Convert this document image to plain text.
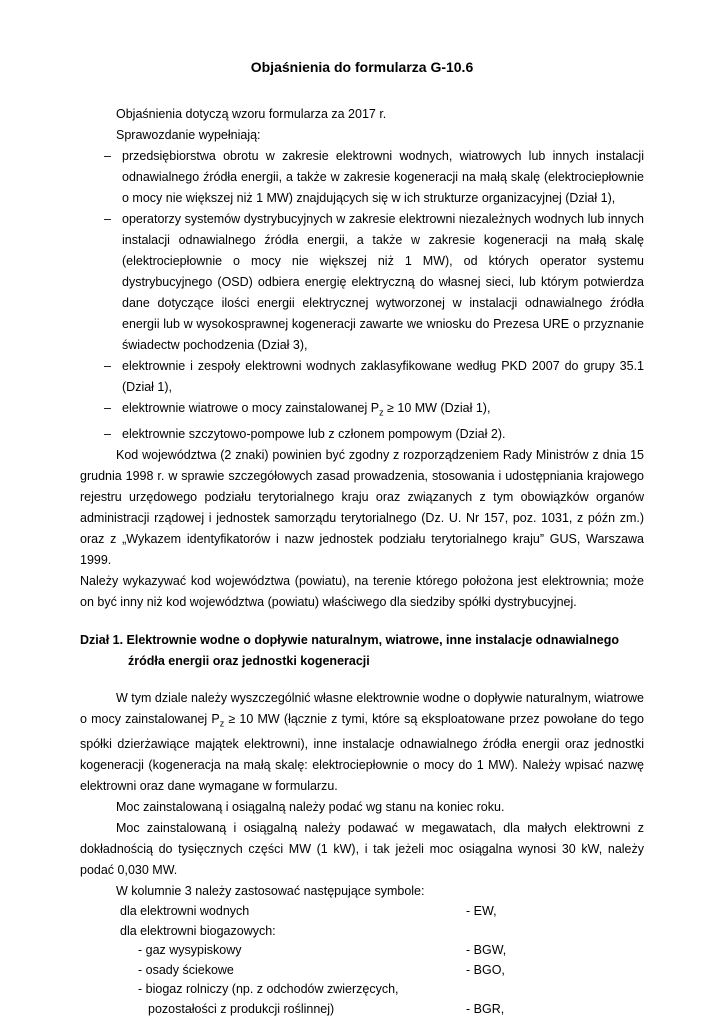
Objaśnienia do formularza G-10.6

Objaśnienia dotyczą wzoru formularza za 2017 r.

Sprawozdanie wypełniają:

– przedsiębiorstwa obrotu w zakresie elektrowni wodnych, wiatrowych lub innych instalacji odnawialnego źródła energii, a także w zakresie kogeneracji na małą skalę (elektrociepłownie o mocy nie większej niż 1 MW) znajdujących się w ich strukturze organizacyjnej (Dział 1),
– operatorzy systemów dystrybucyjnych w zakresie elektrowni niezależnych wodnych lub innych instalacji odnawialnego źródła energii, a także w zakresie kogeneracji na małą skalę (elektrociepłownie o mocy nie większej niż 1 MW), od których operator systemu dystrybucyjnego (OSD) odbiera energię elektryczną do własnej sieci, lub którym potwierdza dane dotyczące ilości energii elektrycznej wytworzonej w instalacji odnawialnego źródła energii lub w wysokosprawnej kogeneracji zawarte we wniosku do Prezesa URE o przyznanie świadectw pochodzenia (Dział 3),
– elektrownie i zespoły elektrowni wodnych zaklasyfikowane według PKD 2007 do grupy 35.1 (Dział 1),
– elektrownie wiatrowe o mocy zainstalowanej $P_z \ge 10$ MW (Dział 1),
– elektrownie szczytowo-pompowe lub z członem pompowym (Dział 2).

Kod województwa (2 znaki) powinien być zgodny z rozporządzeniem Rady Ministrów z dnia 15 grudnia 1998 r. w sprawie szczegółowych zasad prowadzenia, stosowania i udostępniania krajowego rejestru urzędowego podziału terytorialnego kraju oraz związanych z tym obowiązków organów administracji rządowej i jednostek samorządu terytorialnego (Dz. U. Nr 157, poz. 1031, z późn zm.) oraz z „Wykazem identyfikatorów i nazw jednostek podziału terytorialnego kraju” GUS, Warszawa 1999.

Należy wykazywać kod województwa (powiatu), na terenie którego położona jest elektrownia; może on być inny niż kod województwa (powiatu) właściwego dla siedziby spółki dystrybucyjnej.

Dział 1. Elektrownie wodne o dopływie naturalnym, wiatrowe, inne instalacje odnawialnego źródła energii oraz jednostki kogeneracji

W tym dziale należy wyszczególnić własne elektrownie wodne o dopływie naturalnym, wiatrowe o mocy zainstalowanej $P_z \ge 10$ MW (łącznie z tymi, które są eksploatowane przez powołane do tego spółki dzierżawiące majątek elektrowni), inne instalacje odnawialnego źródła energii oraz jednostki kogeneracji (kogeneracja na małą skalę: elektrociepłownie o mocy do 1 MW). Należy wpisać nazwę elektrowni oraz dane wymagane w formularzu.

Moc zainstalowaną i osiągalną należy podać wg stanu na koniec roku.

Moc zainstalowaną i osiągalną należy podawać w megawatach, dla małych elektrowni z dokładnością do tysięcznych części MW (1 kW), i tak jeżeli moc osiągalna wynosi 30 kW, należy podać 0,030 MW.

W kolumnie 3 należy zastosować następujące symbole:

dla elektrowni wodnych	- EW,
dla elektrowni biogazowych:
- gaz wysypiskowy	- BGW,
- osady ściekowe	- BGO,
- biogaz rolniczy (np. z odchodów zwierzęcych,
pozostałości z produkcji roślinnej)	- BGR,
